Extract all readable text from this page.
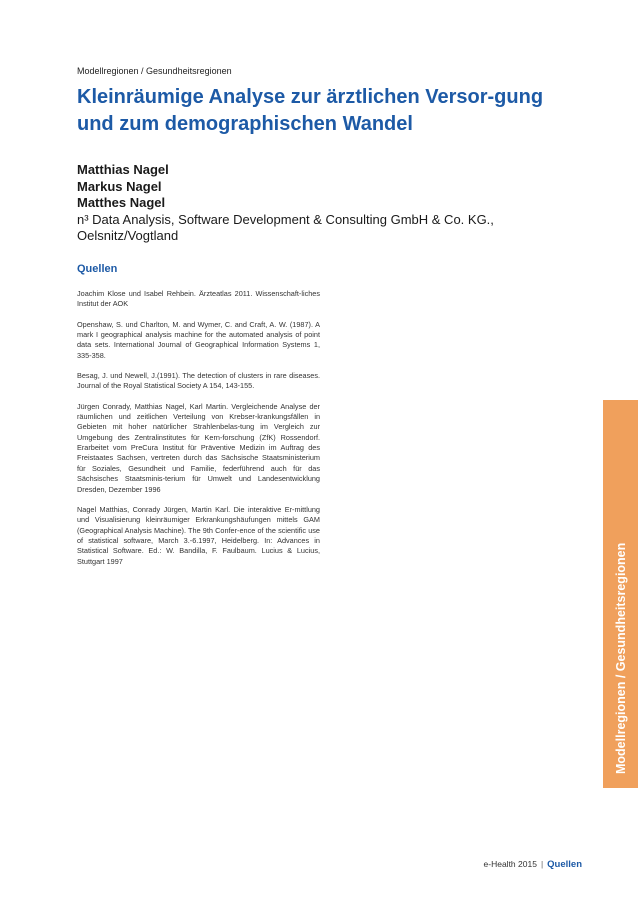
Modellregionen / Gesundheitsregionen
Kleinräumige Analyse zur ärztlichen Versor-gung und zum demographischen Wandel
Matthias Nagel
Markus Nagel
Matthes Nagel
n³ Data Analysis, Software Development & Consulting GmbH & Co. KG., Oelsnitz/Vogtland
Quellen

Joachim Klose und Isabel Rehbein. Ärzteatlas 2011. Wissenschaft-liches Institut der AOK

Openshaw, S. und Charlton, M. and Wymer, C. and Craft, A. W. (1987). A mark I geographical analysis machine for the automated analysis of point data sets. International Journal of Geographical Information Systems 1, 335-358.

Besag, J. und Newell, J.(1991). The detection of clusters in rare diseases. Journal of the Royal Statistical Society A 154, 143-155.

Jürgen Conrady, Matthias Nagel, Karl Martin. Vergleichende Analyse der räumlichen und zeitlichen Verteilung von Krebser-krankungsfällen in Gebieten mit hoher natürlicher Strahlenbelas-tung im Vergleich zur Umgebung des Zentralinstitutes für Kern-forschung (ZfK) Rossendorf. Erarbeitet vom PreCura Institut für Präventive Medizin im Auftrag des Freistaates Sachsen, vertreten durch das Sächsische Staatsministerium für Soziales, Gesundheit und Familie, federführend auch für das Sächsisches Staatsminis-terium für Umwelt und Landesentwicklung Dresden, Dezember 1996

Nagel Matthias, Conrady Jürgen, Martin Karl. Die interaktive Er-mittlung und Visualisierung kleinräumiger Erkrankungshäufungen mittels GAM (Geographical Analysis Machine). The 9th Confer-ence of the scientific use of statistical software, March 3.-6.1997, Heidelberg. In: Advances in Statistical Software. Ed.: W. Bandilla, F. Faulbaum. Lucius & Lucius, Stuttgart 1997	Modellregionen / Gesundheitsregionen
e-Health 2015 | Quellen
